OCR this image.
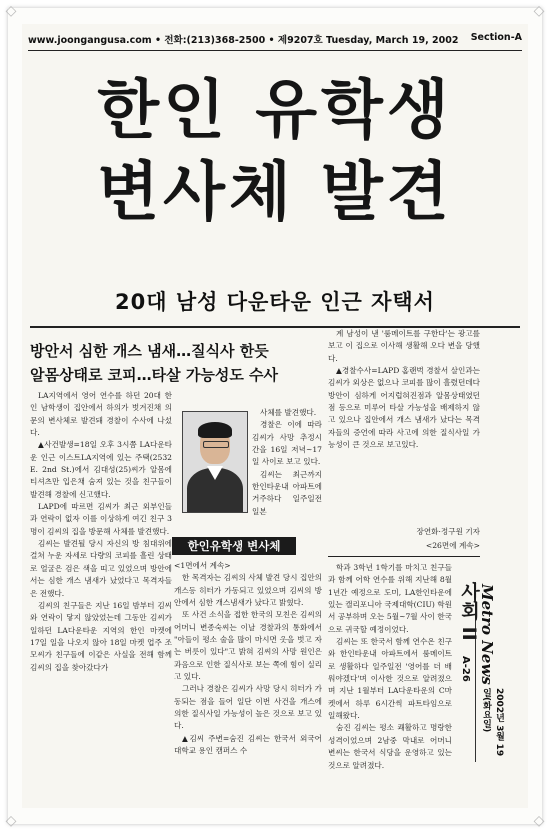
◇	◇
◇	◇
www.joongangusa.com • 전화:(213)368-2500 • 제9207호 Tuesday, March 19, 2002 Section-A
한인 유학생
변사체 발견
20대 남성 다운타운 인근 자택서
방안서 심한 개스 냄새…질식사 한듯
알몸상태로 코피…타살 가능성도 수사

LA지역에서 영어 연수를 하던 20대 한인 남학생이 집안에서 하의가 벗겨진채 의문의 변사체로 발견돼 경찰이 수사에 나섰다.

▲사건발생=18일 오후 3시쯤 LA다운타운 인근 이스트LA지역에 있는 주택(2532 E. 2nd St.)에서 김대성(25)씨가 알몸에 티셔츠만 입은채 숨져 있는 것을 친구들이 발견해 경찰에 신고했다.

LAPD에 따르면 김씨가 최근 외부인들과 연락이 없자 이를 이상하게 여긴 친구 3명이 김씨의 집을 방문해 사체를 발견했다.

김씨는 발견될 당시 자신의 방 침대위에 걸쳐 누운 자세로 다량의 코피를 흘린 상태로 얼굴은 검은 색을 띠고 있었으며 방안에서는 심한 개스 냄새가 났었다고 목격자들은 전했다.

김씨의 친구들은 지난 16일 밤부터 김씨와 연락이 닿지 않았었는데 그동안 김씨가 일하던 LA다운타운 지역의 한인 마켓에 17일 일을 나오지 않아 18일 마켓 업주 조모씨가 친구들에 이같은 사실을 전해 함께 김씨의 집을 찾아갔다가

사체를 발견했다.

경찰은 이에 따라 김씨가 사망 추정시간을 16일 저녁~17일 사이로 보고 있다.

김씨는 최근까지 한인타운내 아파트에 거주하다 일주일전 일본

한인유학생 변사체

<1면에서 계속>

한 목격자는 김씨의 사체 발견 당시 집안의 개스등 히터가 가동되고 있었으며 김씨의 방안에서 심한 개스냄새가 났다고 밝혔다.

또 사건 소식을 접한 한국의 모친은 김씨의 어머니 변종숙씨는 이날 경찰과의 통화에서 "아들이 평소 술을 많이 마시면 옷을 벗고 자는 버릇이 있다"고 밝혀 김씨의 사망 원인은 과음으로 인한 질식사로 보는 쪽에 힘이 실리고 있다.

그러나 경찰은 김씨가 사망 당시 히터가 가동되는 점을 들어 일단 이번 사건을 개스에 의한 질식사일 가능성이 높은 것으로 보고 있다.

▲김씨 주변=숨진 김씨는 한국서 외국어 대학교 용인 캠퍼스 수

계 남성이 낸 '룸메이트를 구한다'는 광고를 보고 이 집으로 이사해 생활해 오다 변을 당했다.

▲경찰수사=LAPD 홈랜벅 경찰서 살인과는 김씨가 외상은 없으나 코피를 많이 흘렸던데다 방안이 심하게 어지럽혀진점과 알몸상태였던 점 등으로 미루어 타살 가능성을 배제하지 않고 있으나 집안에서 개스 냄새가 났다는 목격자들의 증언에 따라 사고에 의한 질식사일 가능성이 큰 것으로 보고있다.

장연화·정구원 기자
<26면에 계속>

학과 3학년 1학기를 마치고 친구들과 함께 어학 연수를 위해 지난해 8월 1년간 예정으로 도미, LA한인타운에 있는 캘리포니아 국제대학(CIU) 학원서 공부하며 오는 5월~7월 사이 한국으로 귀국할 예정이었다.

김씨는 또 한국서 함께 연수온 친구와 한인타운내 아파트에서 룸메이트로 생활하다 일주일전 '영어를 더 배워야겠다'며 이사한 것으로 알려졌으며 지난 1월부터 LA다운타운의 C마켓에서 하루 6시간씩 파트타임으로 일해왔다.

숨진 김씨는 평소 쾌활하고 명랑한 성격이었으며 2남중 막내로 어머니 변씨는 한국서 식당을 운영하고 있는 것으로 알려졌다.

사회 II
A-26 Metro News
2002년 3월 19일(화요일)
